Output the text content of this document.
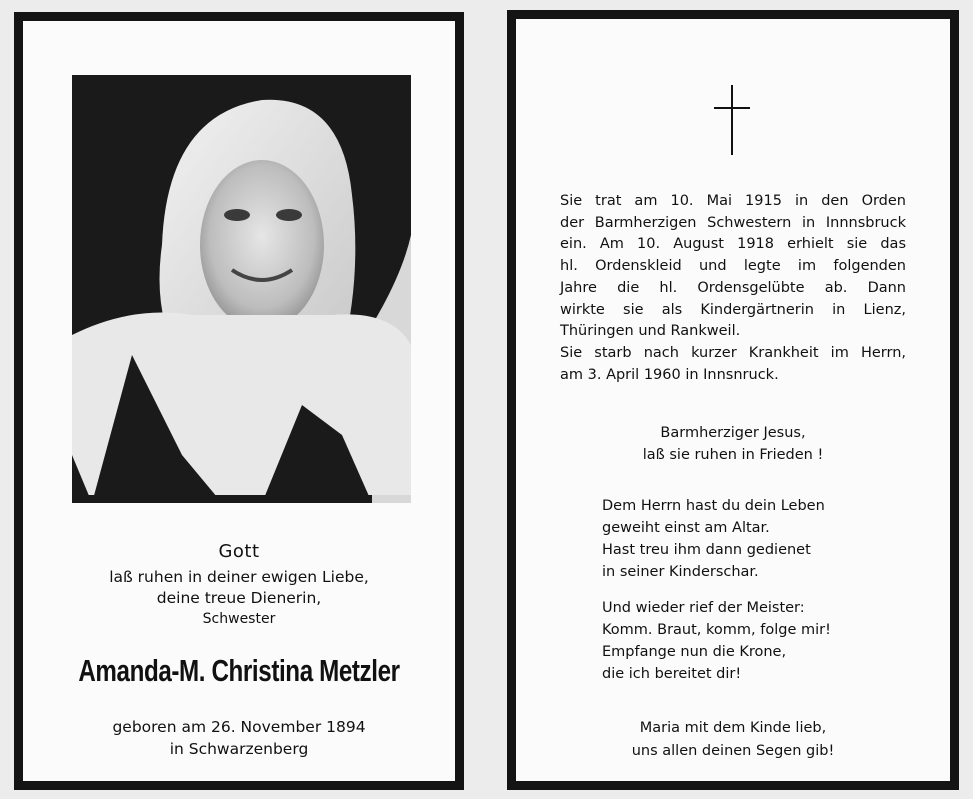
Gott
laß ruhen in deiner ewigen Liebe,
deine treue Dienerin,
Schwester
Amanda-M. Christina Metzler
geboren am 26. November 1894
in Schwarzenberg
Sie trat am 10. Mai 1915 in den Orden
der Barmherzigen Schwestern in Innnsbruck
ein. Am 10. August 1918 erhielt sie das
hl. Ordenskleid und legte im folgenden
Jahre die hl. Ordensgelübte ab. Dann
wirkte sie als Kindergärtnerin in Lienz,
Thüringen und Rankweil.
Sie starb nach kurzer Krankheit im Herrn,
am 3. April 1960 in Innsnruck.
Barmherziger Jesus,
laß sie ruhen in Frieden !
Dem Herrn hast du dein Leben
geweiht einst am Altar.
Hast treu ihm dann gedienet
in seiner Kinderschar.
Und wieder rief der Meister:
Komm. Braut, komm, folge mir!
Empfange nun die Krone,
die ich bereitet dir!
Maria mit dem Kinde lieb,
uns allen deinen Segen gib!
